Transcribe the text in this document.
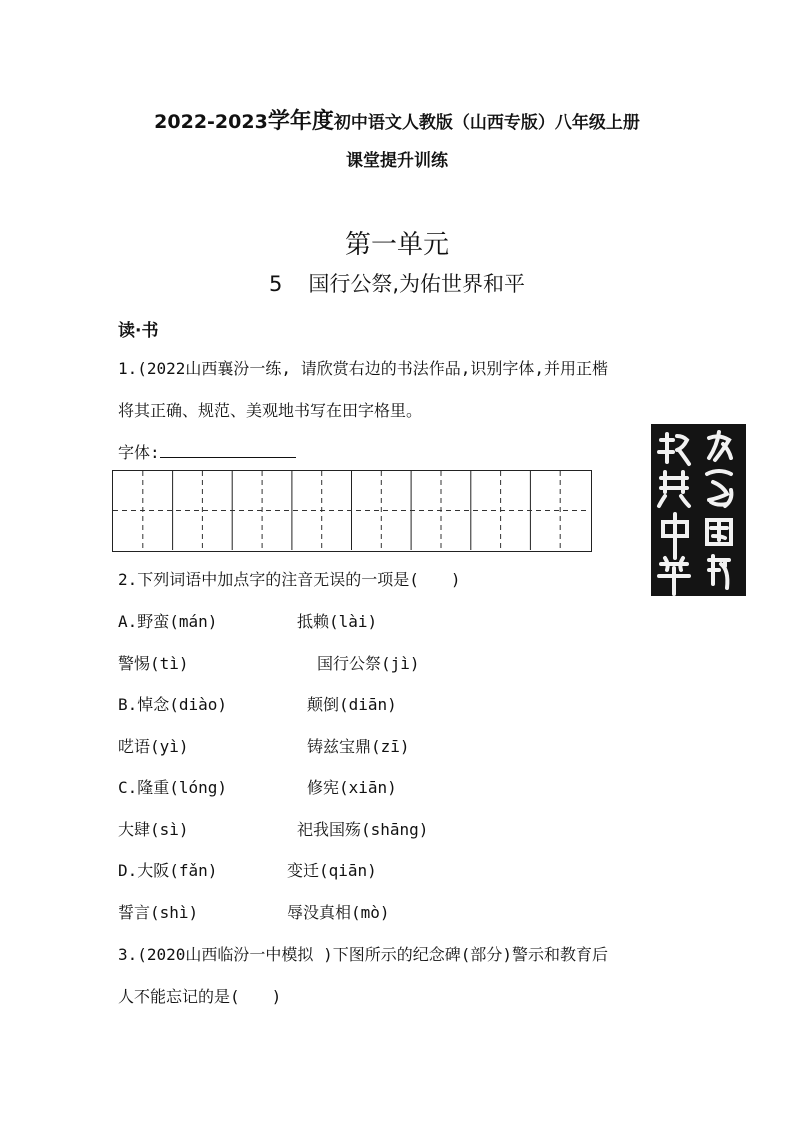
2022-2023学年度初中语文人教版（山西专版）八年级上册
课堂提升训练
第一单元
5 国行公祭,为佑世界和平
读·书
1.(2022山西襄汾一练, 请欣赏右边的书法作品,识别字体,并用正楷
将其正确、规范、美观地书写在田字格里。
字体:
2.下列词语中加点字的注音无误的一项是(　　)
A.野蛮(mán)	抵赖(lài)
警惕(tì)	国行公祭(jì)
B.悼念(diào)	颠倒(diān)
呓语(yì)	铸兹宝鼎(zī)
C.隆重(lóng)	修宪(xiān)
大肆(sì)	祀我国殇(shāng)
D.大阪(fǎn)	变迁(qiān)
誓言(shì)	辱没真相(mò)
3.(2020山西临汾一中模拟 )下图所示的纪念碑(部分)警示和教育后
人不能忘记的是(　　)
